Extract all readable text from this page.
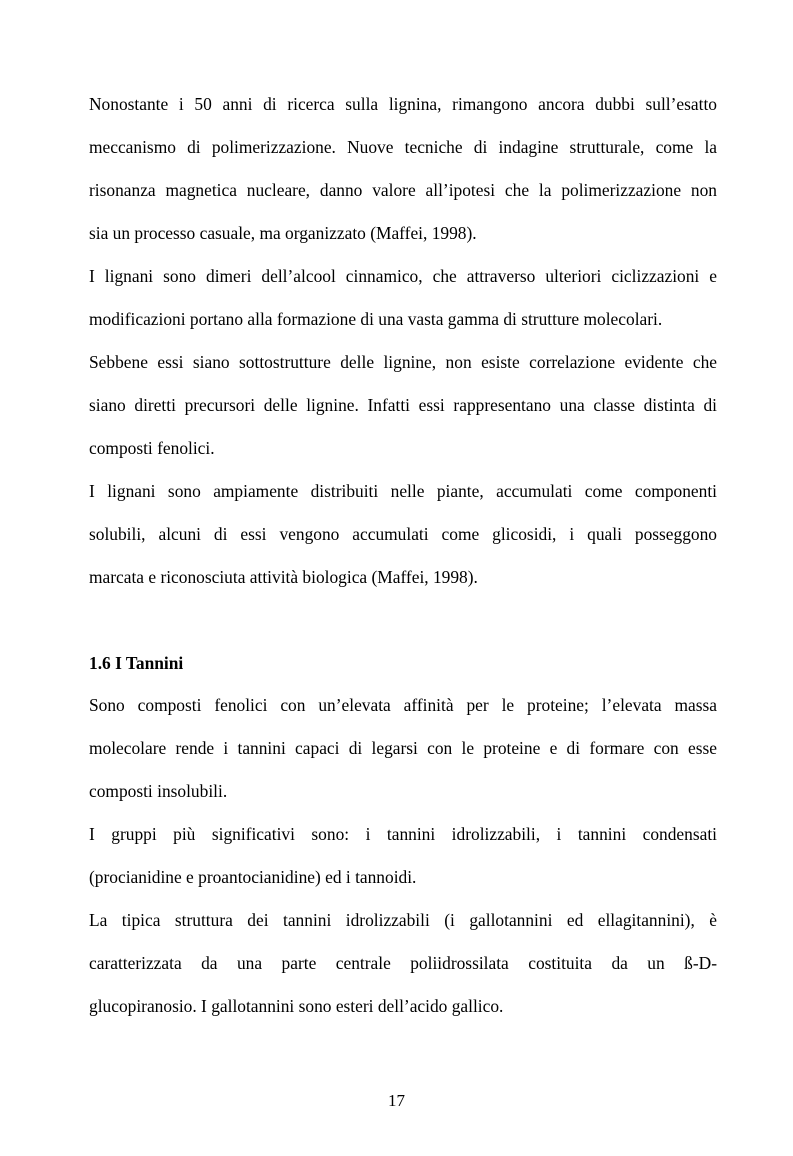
Nonostante i 50 anni di ricerca sulla lignina, rimangono ancora dubbi sull’esatto
meccanismo di polimerizzazione. Nuove tecniche di indagine strutturale, come la
risonanza magnetica nucleare, danno valore all’ipotesi che la polimerizzazione non
sia un processo casuale, ma organizzato (Maffei, 1998).
I lignani sono dimeri dell’alcool cinnamico, che attraverso ulteriori ciclizzazioni e
modificazioni portano alla formazione di una vasta gamma di strutture molecolari.
Sebbene essi siano sottostrutture delle lignine, non esiste correlazione evidente che
siano diretti precursori delle lignine. Infatti essi rappresentano una classe distinta di
composti fenolici.
I lignani sono ampiamente distribuiti nelle piante, accumulati come componenti
solubili, alcuni di essi vengono accumulati come glicosidi, i quali posseggono
marcata e riconosciuta attività biologica (Maffei, 1998).
1.6 I Tannini
Sono composti fenolici con un’elevata affinità per le proteine; l’elevata massa
molecolare rende i tannini capaci di legarsi con le proteine e di formare con esse
composti insolubili.
I gruppi più significativi sono: i tannini idrolizzabili, i tannini condensati
(procianidine e proantocianidine) ed i tannoidi.
La tipica struttura dei tannini idrolizzabili (i gallotannini ed ellagitannini), è
caratterizzata da una parte centrale poliidrossilata costituita da un ß-D-
glucopiranosio. I gallotannini sono esteri dell’acido gallico.
17
